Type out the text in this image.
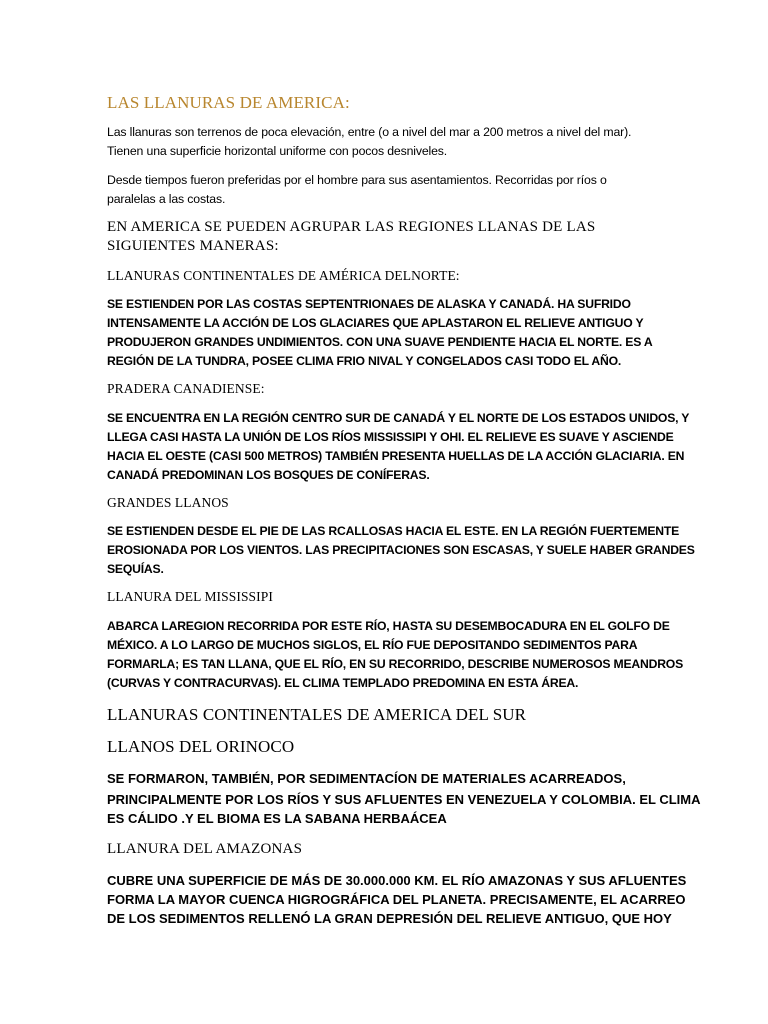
LAS LLANURAS DE AMERICA:
Las llanuras son terrenos de poca elevación, entre (o a nivel del mar a 200 metros a nivel del mar).
Tienen una superficie horizontal uniforme con pocos desniveles.
Desde tiempos fueron preferidas por el hombre para sus asentamientos. Recorridas por ríos o
paralelas a las costas.
EN AMERICA SE PUEDEN AGRUPAR LAS REGIONES LLANAS DE LAS
SIGUIENTES MANERAS:
LLANURAS CONTINENTALES DE AMÉRICA DELNORTE:
SE ESTIENDEN POR LAS COSTAS SEPTENTRIONAES DE ALASKA Y CANADÁ. HA SUFRIDO
INTENSAMENTE LA ACCIÓN DE LOS GLACIARES QUE APLASTARON EL RELIEVE ANTIGUO Y
PRODUJERON GRANDES UNDIMIENTOS. CON UNA SUAVE PENDIENTE HACIA EL NORTE. ES A
REGIÓN DE LA TUNDRA, POSEE CLIMA FRIO NIVAL Y CONGELADOS CASI TODO EL AÑO.
PRADERA CANADIENSE:
SE ENCUENTRA EN LA REGIÓN CENTRO SUR DE CANADÁ Y EL NORTE DE LOS ESTADOS UNIDOS, Y
LLEGA CASI HASTA LA UNIÓN DE LOS RÍOS MISSISSIPI Y OHI. EL RELIEVE ES SUAVE Y ASCIENDE
HACIA EL OESTE (CASI 500 METROS) TAMBIÉN PRESENTA HUELLAS DE LA ACCIÓN GLACIARIA. EN
CANADÁ PREDOMINAN LOS BOSQUES DE CONÍFERAS.
GRANDES LLANOS
SE ESTIENDEN DESDE EL PIE DE LAS RCALLOSAS HACIA EL ESTE. EN LA REGIÓN FUERTEMENTE
EROSIONADA POR LOS VIENTOS. LAS PRECIPITACIONES SON ESCASAS, Y SUELE HABER GRANDES
SEQUÍAS.
LLANURA DEL MISSISSIPI
ABARCA LAREGION RECORRIDA POR ESTE RÍO, HASTA SU DESEMBOCADURA EN EL GOLFO DE
MÉXICO. A LO LARGO DE MUCHOS SIGLOS, EL RÍO FUE DEPOSITANDO SEDIMENTOS PARA
FORMARLA; ES TAN LLANA, QUE EL RÍO, EN SU RECORRIDO, DESCRIBE NUMEROSOS MEANDROS
(CURVAS Y CONTRACURVAS). EL CLIMA TEMPLADO PREDOMINA EN ESTA ÁREA.
LLANURAS CONTINENTALES DE AMERICA DEL SUR
LLANOS DEL ORINOCO
SE FORMARON, TAMBIÉN, POR SEDIMENTACÍON DE MATERIALES ACARREADOS,
PRINCIPALMENTE POR LOS RÍOS Y SUS AFLUENTES EN VENEZUELA Y COLOMBIA. EL CLIMA
ES CÁLIDO .Y EL BIOMA ES LA SABANA HERBAÁCEA
LLANURA DEL AMAZONAS
CUBRE UNA SUPERFICIE DE MÁS DE 30.000.000 KM. EL RÍO AMAZONAS Y SUS AFLUENTES
FORMA LA MAYOR CUENCA HIGROGRÁFICA DEL PLANETA. PRECISAMENTE, EL ACARREO
DE LOS SEDIMENTOS RELLENÓ LA GRAN DEPRESIÓN DEL RELIEVE ANTIGUO, QUE HOY
